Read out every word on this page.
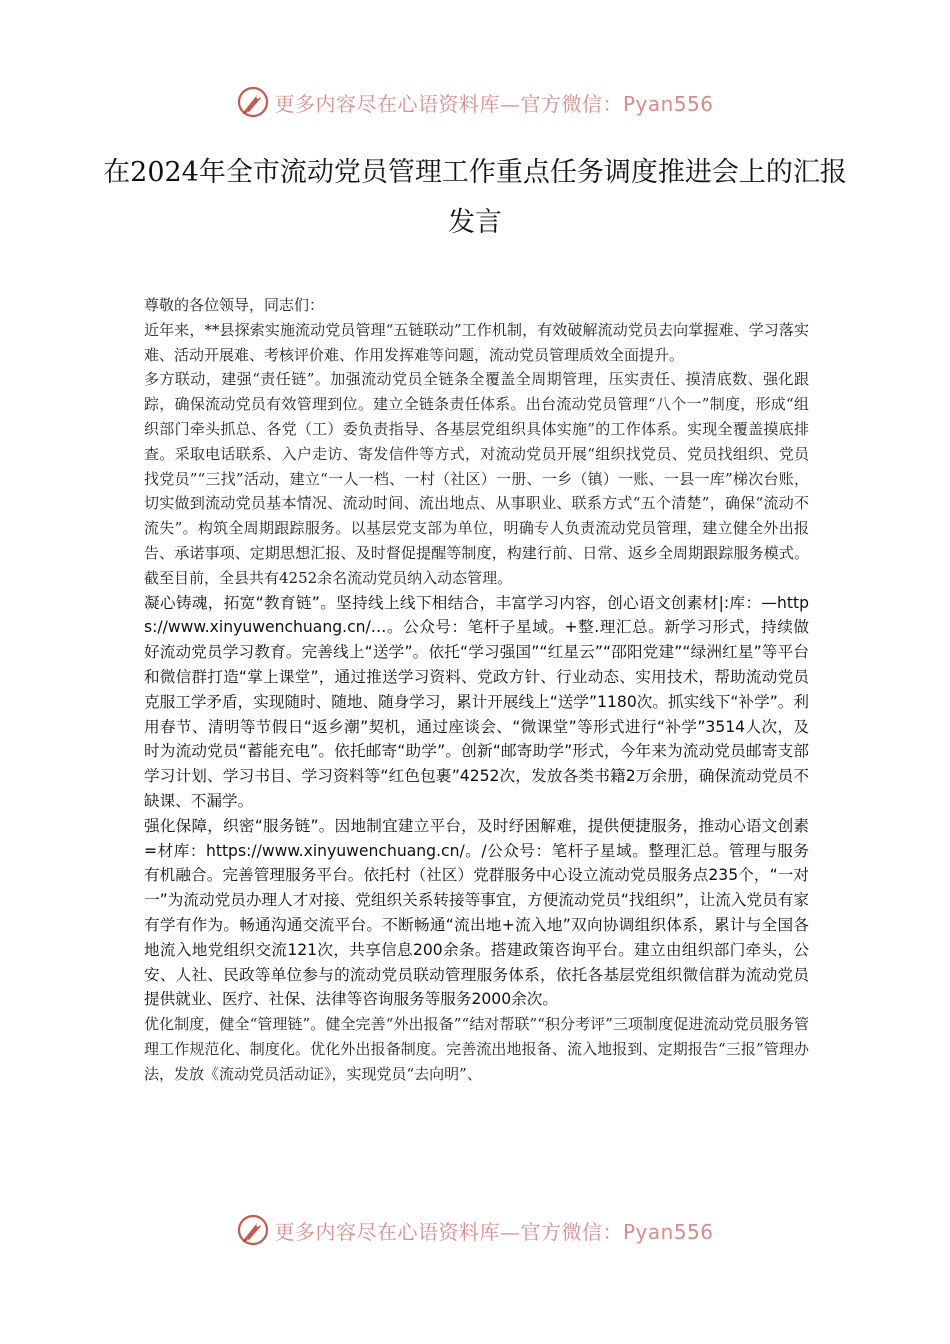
更多内容尽在心语资料库—官方微信：Pyan556
在2024年全市流动党员管理工作重点任务调度推进会上的汇报发言

尊敬的各位领导，同志们：

近年来，**县探索实施流动党员管理“五链联动”工作机制，有效破解流动党员去向掌握难、学习落实难、活动开展难、考核评价难、作用发挥难等问题，流动党员管理质效全面提升。

多方联动，建强“责任链”。加强流动党员全链条全覆盖全周期管理，压实责任、摸清底数、强化跟踪，确保流动党员有效管理到位。建立全链条责任体系。出台流动党员管理“八个一”制度，形成“组织部门牵头抓总、各党（工）委负责指导、各基层党组织具体实施”的工作体系。实现全覆盖摸底排查。采取电话联系、入户走访、寄发信件等方式，对流动党员开展“组织找党员、党员找组织、党员找党员”“三找”活动，建立“一人一档、一村（社区）一册、一乡（镇）一账、一县一库”梯次台账，切实做到流动党员基本情况、流动时间、流出地点、从事职业、联系方式“五个清楚”，确保“流动不流失”。构筑全周期跟踪服务。以基层党支部为单位，明确专人负责流动党员管理，建立健全外出报告、承诺事项、定期思想汇报、及时督促提醒等制度，构建行前、日常、返乡全周期跟踪服务模式。截至目前，全县共有4252余名流动党员纳入动态管理。

凝心铸魂，拓宽“教育链”。坚持线上线下相结合，丰富学习内容，创心语文创素材|:库：—https://www.xinyuwenchuang.cn/…。公众号：笔杆子星域。+整.理汇总。新学习形式，持续做好流动党员学习教育。完善线上“送学”。依托“学习强国”“红星云”“邵阳党建”“绿洲红星”等平台和微信群打造“掌上课堂”，通过推送学习资料、党政方针、行业动态、实用技术，帮助流动党员克服工学矛盾，实现随时、随地、随身学习，累计开展线上“送学”1180次。抓实线下“补学”。利用春节、清明等节假日“返乡潮”契机，通过座谈会、“微课堂”等形式进行“补学”3514人次，及时为流动党员“蓄能充电”。依托邮寄“助学”。创新“邮寄助学”形式，今年来为流动党员邮寄支部学习计划、学习书目、学习资料等“红色包裹”4252次，发放各类书籍2万余册，确保流动党员不缺课、不漏学。

强化保障，织密“服务链”。因地制宜建立平台，及时纾困解难，提供便捷服务，推动心语文创素=材库：https://www.xinyuwenchuang.cn/。/公众号：笔杆子星域。整理汇总。管理与服务有机融合。完善管理服务平台。依托村（社区）党群服务中心设立流动党员服务点235个，“一对一”为流动党员办理人才对接、党组织关系转接等事宜，方便流动党员“找组织”，让流入党员有家有学有作为。畅通沟通交流平台。不断畅通“流出地+流入地”双向协调组织体系，累计与全国各地流入地党组织交流121次，共享信息200余条。搭建政策咨询平台。建立由组织部门牵头，公安、人社、民政等单位参与的流动党员联动管理服务体系，依托各基层党组织微信群为流动党员提供就业、医疗、社保、法律等咨询服务等服务2000余次。

优化制度，健全“管理链”。健全完善“外出报备”“结对帮联”“积分考评”三项制度促进流动党员服务管理工作规范化、制度化。优化外出报备制度。完善流出地报备、流入地报到、定期报告“三报”管理办法，发放《流动党员活动证》，实现党员“去向明”、

更多内容尽在心语资料库—官方微信：Pyan556
